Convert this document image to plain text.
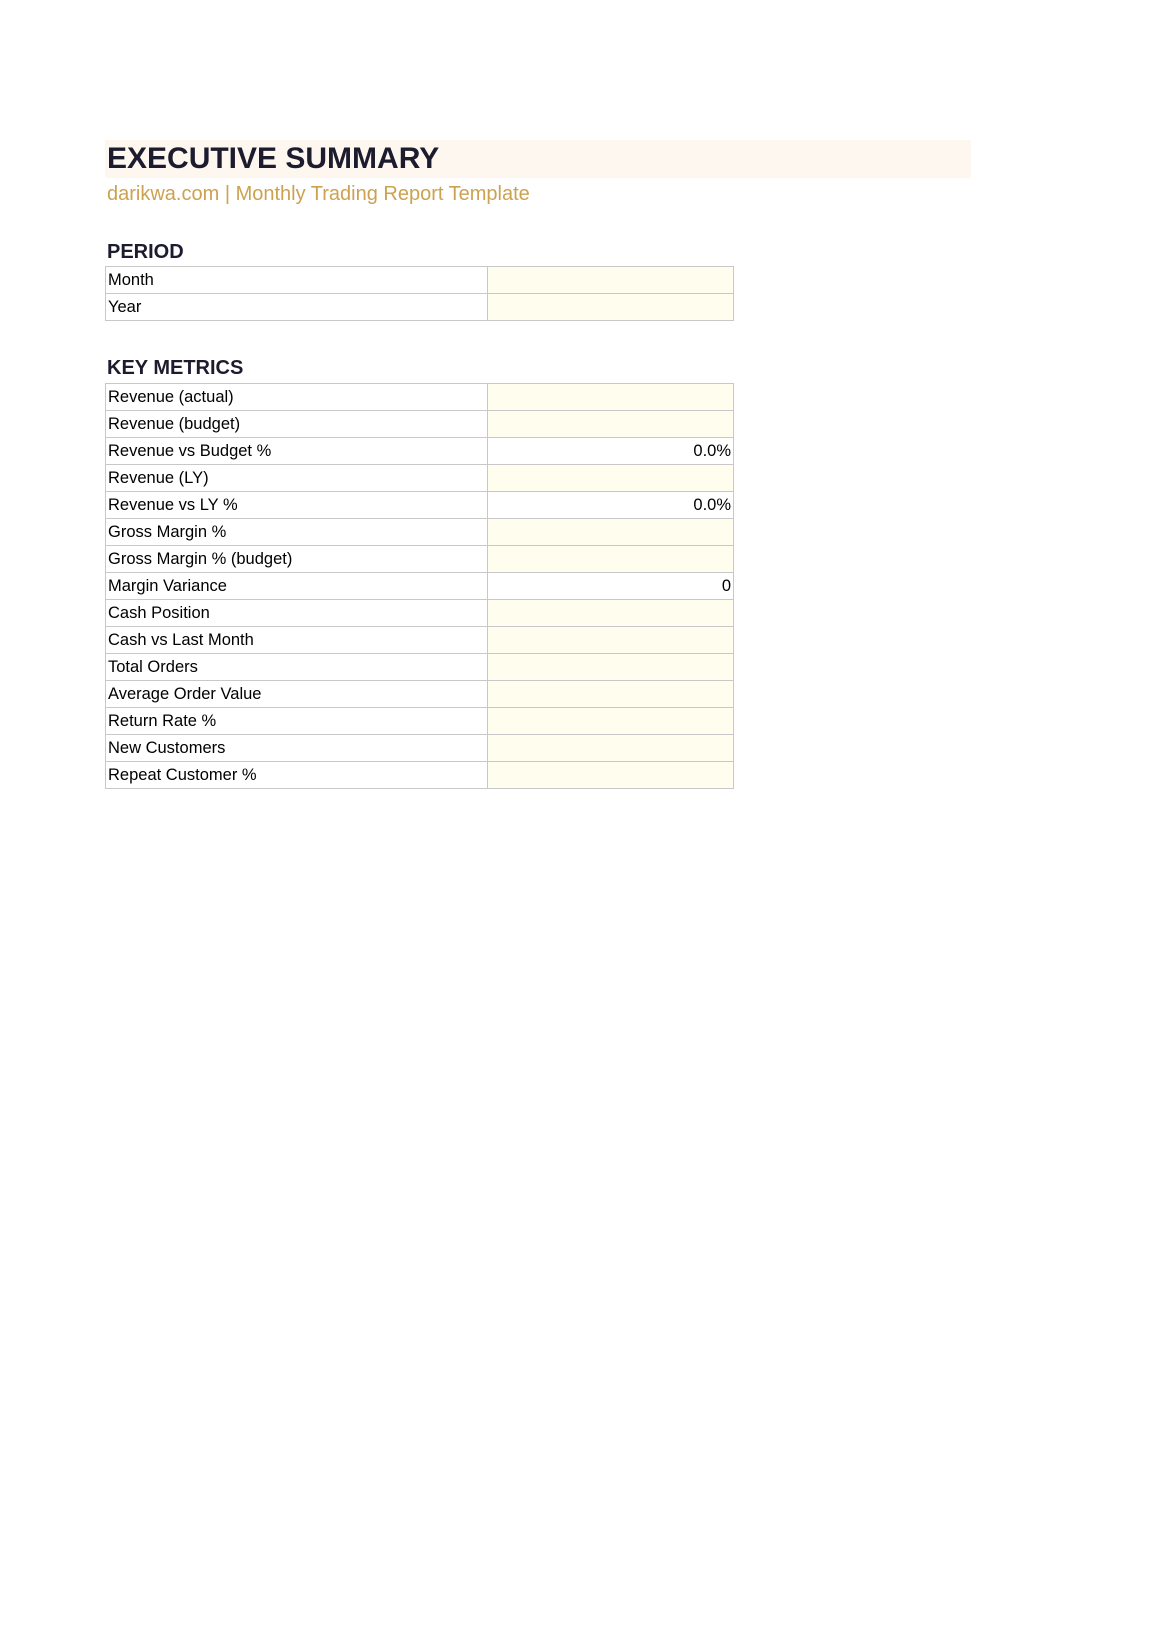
EXECUTIVE SUMMARY
darikwa.com | Monthly Trading Report Template
PERIOD
Month	
Year	
KEY METRICS
Revenue (actual)	
Revenue (budget)	
Revenue vs Budget %	0.0%
Revenue (LY)	
Revenue vs LY %	0.0%
Gross Margin %	
Gross Margin % (budget)	
Margin Variance	0
Cash Position	
Cash vs Last Month	
Total Orders	
Average Order Value	
Return Rate %	
New Customers	
Repeat Customer %	
